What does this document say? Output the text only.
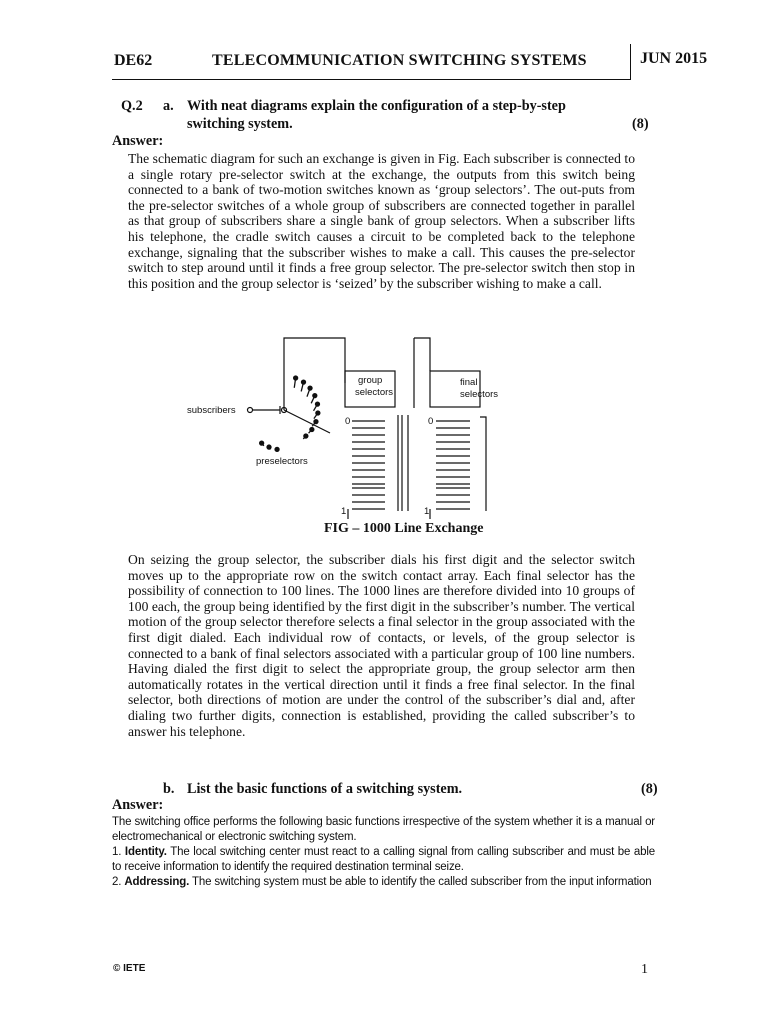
DE62	TELECOMMUNICATION SWITCHING SYSTEMS	JUN 2015
Q.2 a. With neat diagrams explain the configuration of a step-by-step
switching system.	(8)
Answer:
The schematic diagram for such an exchange is given in Fig. Each subscriber is connected to a single rotary pre-selector switch at the exchange, the outputs from this switch being connected to a bank of two-motion switches known as ‘group selectors’. The out-puts from the pre-selector switches of a whole group of subscribers are connected together in parallel as that group of subscribers share a single bank of group selectors. When a subscriber lifts his telephone, the cradle switch causes a circuit to be completed back to the telephone exchange, signaling that the subscriber wishes to make a call. This causes the pre-selector switch to step around until it finds a free group selector. The pre-selector switch then stop in this position and the group selector is ‘seized’ by the subscriber wishing to make a call.
subscribers
preselectors
group
selectors
final
selectors
0	0
1	1
FIG – 1000 Line Exchange
On seizing the group selector, the subscriber dials his first digit and the selector switch moves up to the appropriate row on the switch contact array. Each final selector has the possibility of connection to 100 lines. The 1000 lines are therefore divided into 10 groups of 100 each, the group being identified by the first digit in the subscriber’s number. The vertical motion of the group selector therefore selects a final selector in the group associated with the first digit dialed. Each individual row of contacts, or levels, of the group selector is connected to a bank of final selectors associated with a particular group of 100 line numbers. Having dialed the first digit to select the appropriate group, the group selector arm then automatically rotates in the vertical direction until it finds a free final selector. In the final selector, both directions of motion are under the control of the subscriber’s dial and, after dialing two further digits, connection is established, providing the called subscriber’s to answer his telephone.
b. List the basic functions of a switching system.	(8)
Answer:
The switching office performs the following basic functions irrespective of the system whether it is a manual or electromechanical or electronic switching system.
1. Identity. The local switching center must react to a calling signal from calling subscriber and must be able to receive information to identify the required destination terminal seize.
2. Addressing. The switching system must be able to identify the called subscriber from the input information
© IETE	1
